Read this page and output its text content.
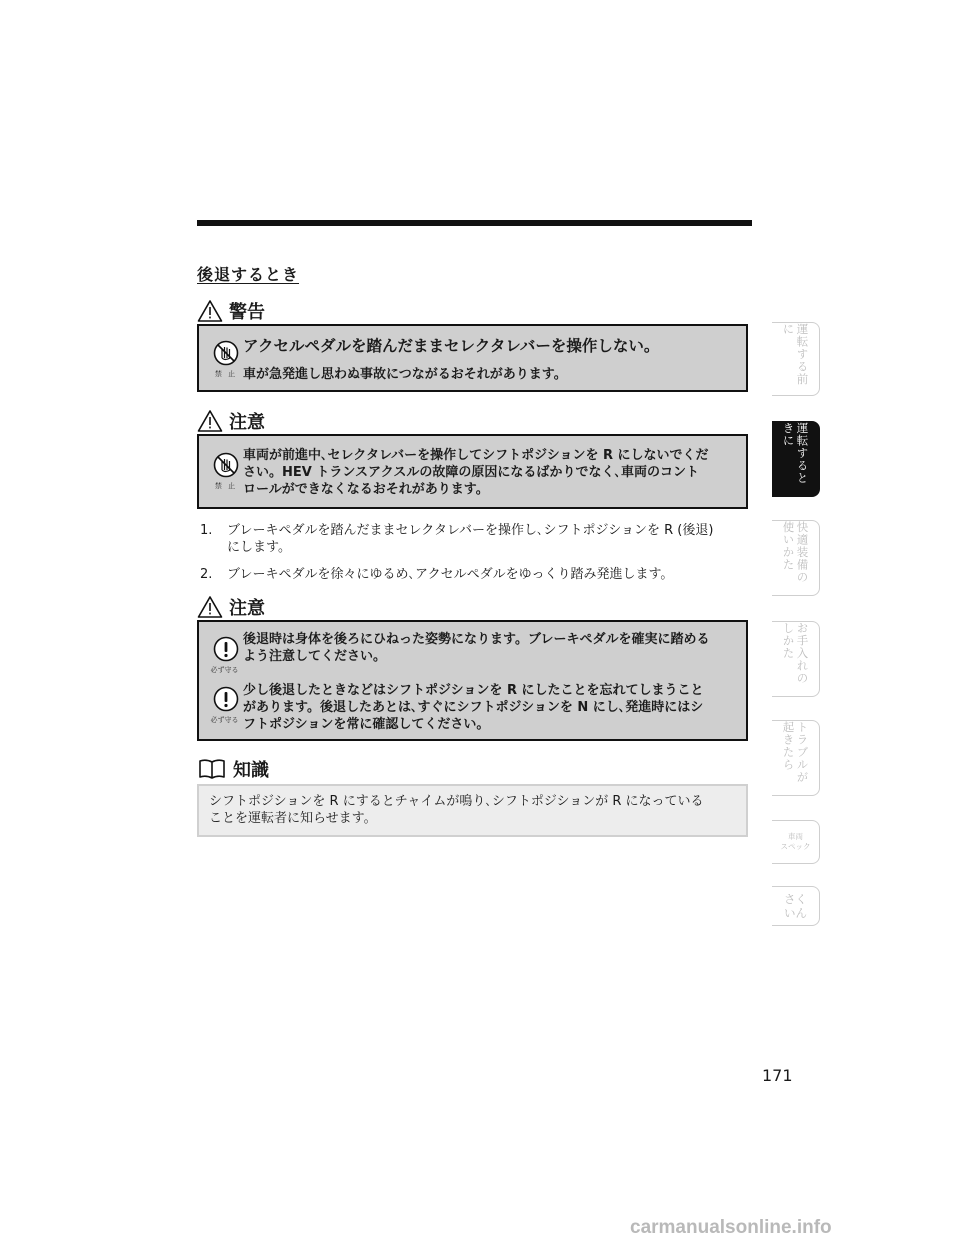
後退するとき
警告
禁 止
アクセルペダルを踏んだままセレクタレバーを操作しない。
車が急発進し思わぬ事故につながるおそれがあります。
注意
禁 止
車両が前進中､セレクタレバーを操作してシフトポジションを R にしないでくだ
さい。HEV トランスアクスルの故障の原因になるばかりでなく､車両のコント
ロールができなくなるおそれがあります。
1. ブレーキペダルを踏んだままセレクタレバーを操作し､シフトポジションを R (後退)
にします。
2. ブレーキペダルを徐々にゆるめ､アクセルペダルをゆっくり踏み発進します。
注意
必ず守る
後退時は身体を後ろにひねった姿勢になります。ブレーキペダルを確実に踏める
よう注意してください。
必ず守る
少し後退したときなどはシフトポジションを R にしたことを忘れてしまうこと
があります。後退したあとは､すぐにシフトポジションを N にし､発進時にはシ
フトポジションを常に確認してください。
知識
シフトポジションを R にするとチャイムが鳴り､シフトポジションが R になっている
ことを運転者に知らせます。
運転する前に
運転するときに
快適装備の使いかた
お手入れのしかた
トラブルが起きたら
車両
スペック
さく
いん
171
carmanualsonline.info
